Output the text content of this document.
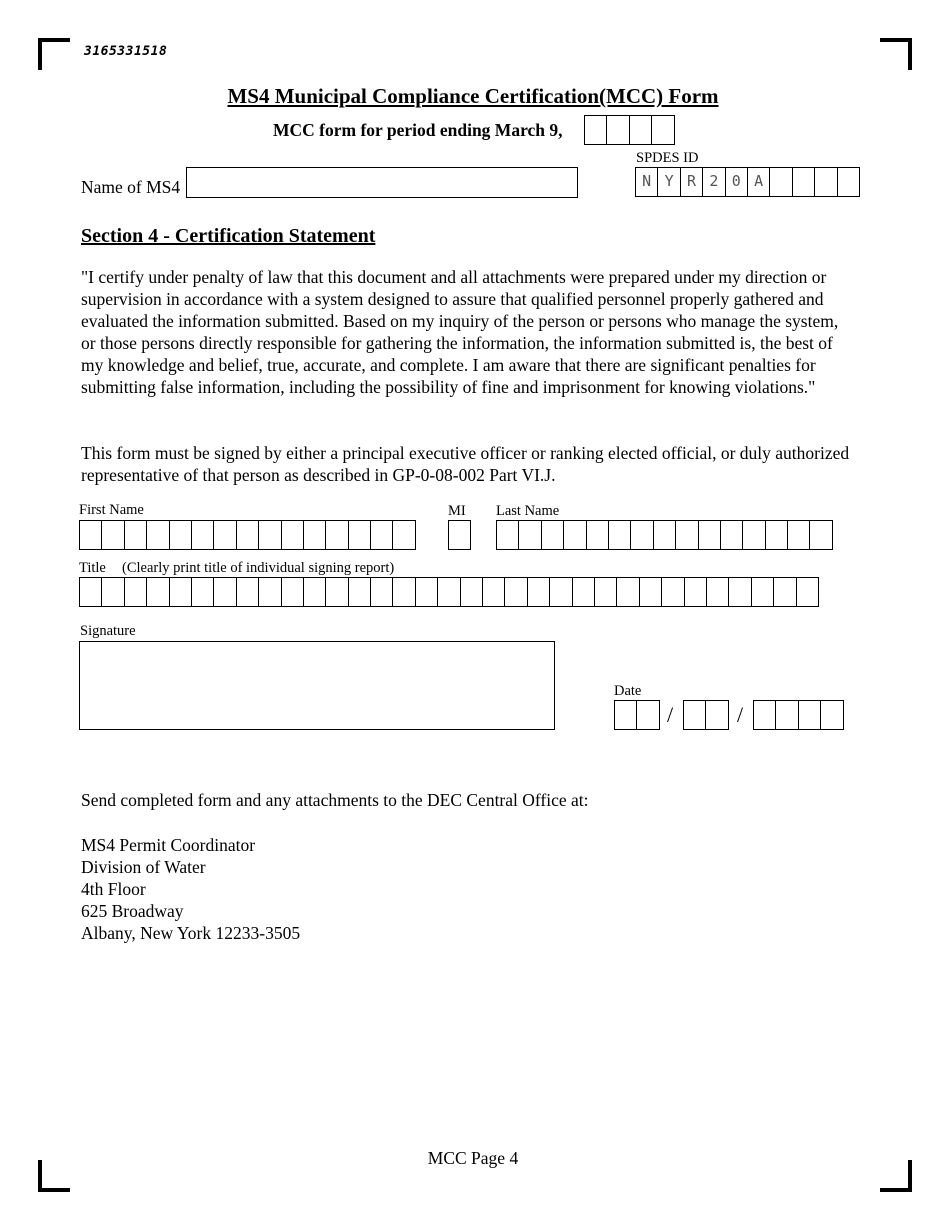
3165331518
MS4 Municipal Compliance Certification(MCC) Form
MCC form for period ending March 9,
Name of MS4
SPDES ID
N Y R 2 0 A
Section 4 - Certification Statement
"I certify under penalty of law that this document and all attachments were prepared under my direction or supervision in accordance with a system designed to assure that qualified personnel properly gathered and evaluated the information submitted. Based on my inquiry of the person or persons who manage the system, or those persons directly responsible for gathering the information, the information submitted is, the best of my knowledge and belief, true, accurate, and complete. I am aware that there are significant penalties for submitting false information, including the possibility of fine and imprisonment for knowing violations."
This form must be signed by either a principal executive officer or ranking elected official, or duly authorized representative of that person as described in GP-0-08-002 Part VI.J.
First Name	MI Last Name
Title (Clearly print title of individual signing report)
Signature
Date
/	/
Send completed form and any attachments to the DEC Central Office at:
MS4 Permit Coordinator
Division of Water
4th Floor
625 Broadway
Albany, New York 12233-3505
MCC Page 4
